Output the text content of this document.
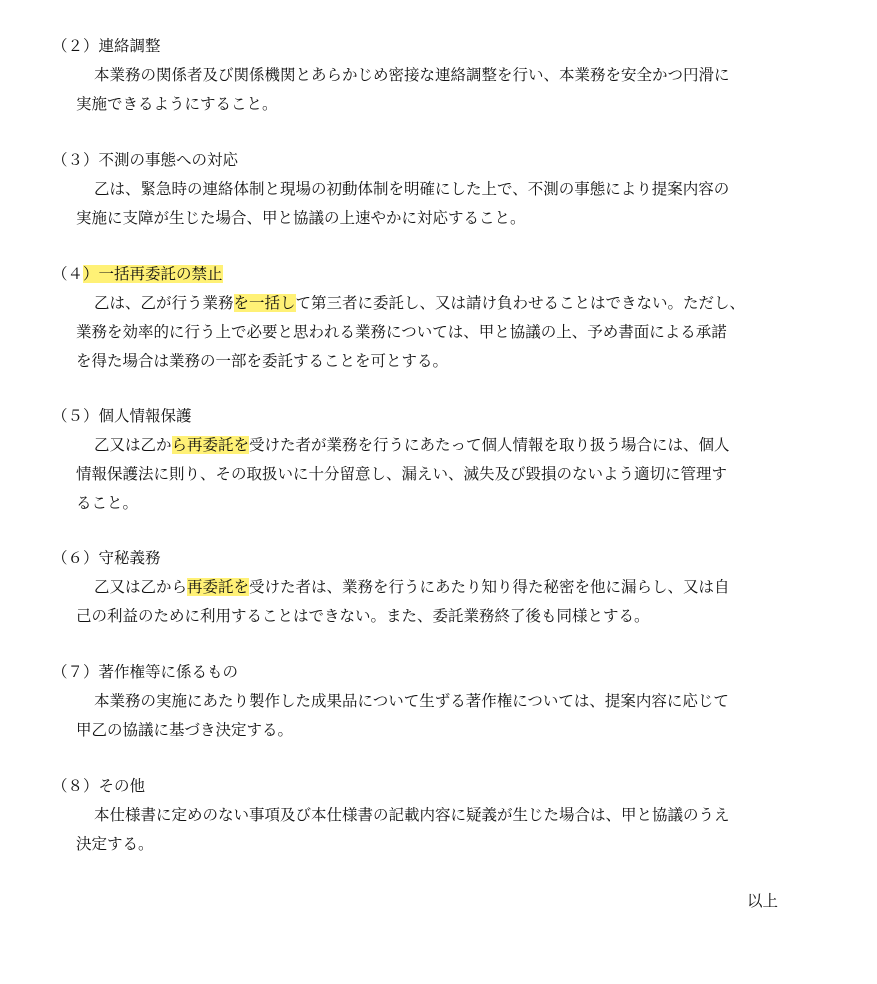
（２）連絡調整
本業務の関係者及び関係機関とあらかじめ密接な連絡調整を行い、本業務を安全かつ円滑に
実施できるようにすること。
（３）不測の事態への対応
乙は、緊急時の連絡体制と現場の初動体制を明確にした上で、不測の事態により提案内容の
実施に支障が生じた場合、甲と協議の上速やかに対応すること。
（４）一括再委託の禁止
乙は、乙が行う業務を一括して第三者に委託し、又は請け負わせることはできない。ただし、
業務を効率的に行う上で必要と思われる業務については、甲と協議の上、予め書面による承諾
を得た場合は業務の一部を委託することを可とする。
（５）個人情報保護
乙又は乙から再委託を受けた者が業務を行うにあたって個人情報を取り扱う場合には、個人
情報保護法に則り、その取扱いに十分留意し、漏えい、滅失及び毀損のないよう適切に管理す
ること。
（６）守秘義務
乙又は乙から再委託を受けた者は、業務を行うにあたり知り得た秘密を他に漏らし、又は自
己の利益のために利用することはできない。また、委託業務終了後も同様とする。
（７）著作権等に係るもの
本業務の実施にあたり製作した成果品について生ずる著作権については、提案内容に応じて
甲乙の協議に基づき決定する。
（８）その他
本仕様書に定めのない事項及び本仕様書の記載内容に疑義が生じた場合は、甲と協議のうえ
決定する。
以上
